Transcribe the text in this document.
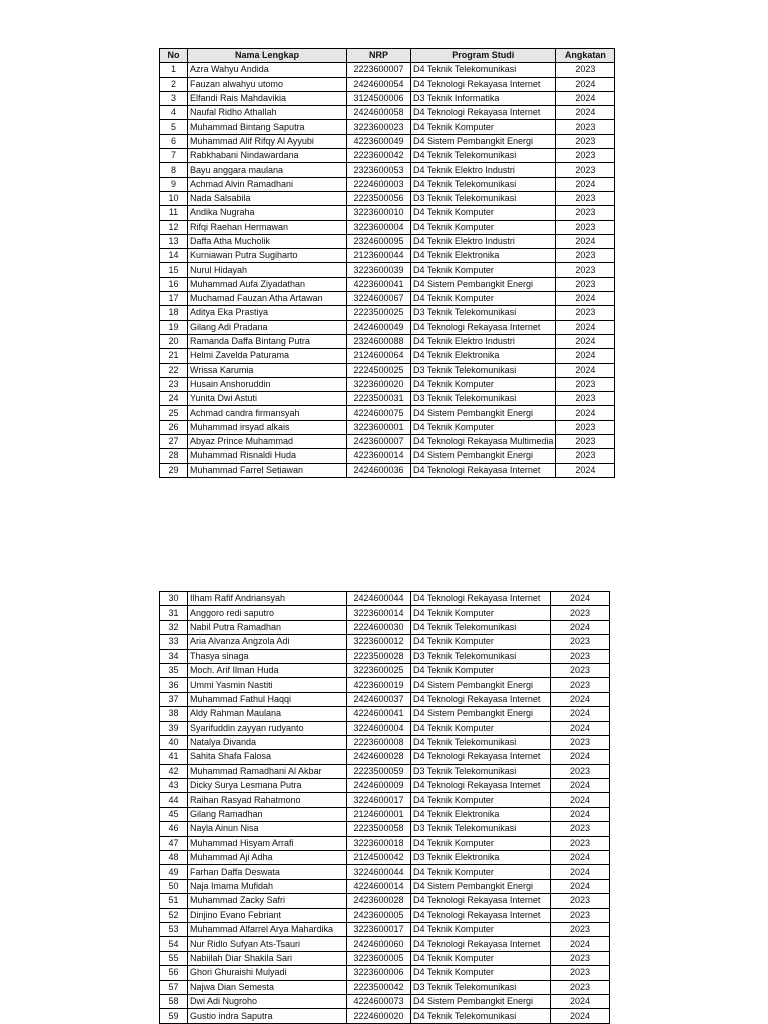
No	Nama Lengkap	NRP	Program Studi	Angkatan
1	Azra Wahyu Andida	2223600007	D4 Teknik Telekomunikasi	2023
2	Fauzan alwahyu utomo	2424600054	D4 Teknologi Rekayasa Internet	2024
3	Elfandi Rais Mahdavikia	3124500006	D3 Teknik Informatika	2024
4	Naufal Ridho Athallah	2424600058	D4 Teknologi Rekayasa Internet	2024
5	Muhammad Bintang Saputra	3223600023	D4 Teknik Komputer	2023
6	Muhammad Alif Rifqy Al Ayyubi	4223600049	D4 Sistem Pembangkit Energi	2023
7	Rabkhabani Nindawardana	2223600042	D4 Teknik Telekomunikasi	2023
8	Bayu anggara maulana	2323600053	D4 Teknik Elektro Industri	2023
9	Achmad Alvin Ramadhani	2224600003	D4 Teknik Telekomunikasi	2024
10	Nada Salsabila	2223500056	D3 Teknik Telekomunikasi	2023
11	Andika Nugraha	3223600010	D4 Teknik Komputer	2023
12	Rifqi Raehan Hermawan	3223600004	D4 Teknik Komputer	2023
13	Daffa Atha Mucholik	2324600095	D4 Teknik Elektro Industri	2024
14	Kurniawan Putra Sugiharto	2123600044	D4 Teknik Elektronika	2023
15	Nurul Hidayah	3223600039	D4 Teknik Komputer	2023
16	Muhammad Aufa Ziyadathan	4223600041	D4 Sistem Pembangkit Energi	2023
17	Muchamad Fauzan Atha Artawan	3224600067	D4 Teknik Komputer	2024
18	Aditya Eka Prastiya	2223500025	D3 Teknik Telekomunikasi	2023
19	Gilang Adi Pradana	2424600049	D4 Teknologi Rekayasa Internet	2024
20	Ramanda Daffa Bintang Putra	2324600088	D4 Teknik Elektro Industri	2024
21	Helmi Zavelda Paturama	2124600064	D4 Teknik Elektronika	2024
22	Wrissa Karumia	2224500025	D3 Teknik Telekomunikasi	2024
23	Husain Anshoruddin	3223600020	D4 Teknik Komputer	2023
24	Yunita Dwi Astuti	2223500031	D3 Teknik Telekomunikasi	2023
25	Achmad candra firmansyah	4224600075	D4 Sistem Pembangkit Energi	2024
26	Muhammad irsyad alkais	3223600001	D4 Teknik Komputer	2023
27	Abyaz Prince Muhammad	2423600007	D4 Teknologi Rekayasa Multimedia	2023
28	Muhammad Risnaldi Huda	4223600014	D4 Sistem Pembangkit Energi	2023
29	Muhammad Farrel Setiawan	2424600036	D4 Teknologi Rekayasa Internet	2024
30	Ilham Rafif Andriansyah	2424600044	D4 Teknologi Rekayasa Internet	2024
31	Anggoro redi saputro	3223600014	D4 Teknik Komputer	2023
32	Nabil Putra Ramadhan	2224600030	D4 Teknik Telekomunikasi	2024
33	Aria Alvanza Angzola Adi	3223600012	D4 Teknik Komputer	2023
34	Thasya sinaga	2223500028	D3 Teknik Telekomunikasi	2023
35	Moch. Arif Ilman Huda	3223600025	D4 Teknik Komputer	2023
36	Ummi Yasmin Nastiti	4223600019	D4 Sistem Pembangkit Energi	2023
37	Muhammad Fathul Haqqi	2424600037	D4 Teknologi Rekayasa Internet	2024
38	Aldy Rahman Maulana	4224600041	D4 Sistem Pembangkit Energi	2024
39	Syarifuddin zayyan rudyanto	3224600004	D4 Teknik Komputer	2024
40	Natalya Divanda	2223600008	D4 Teknik Telekomunikasi	2023
41	Sahita Shafa Falosa	2424600028	D4 Teknologi Rekayasa Internet	2024
42	Muhammad Ramadhani Al Akbar	2223500059	D3 Teknik Telekomunikasi	2023
43	Dicky Surya Lesmana Putra	2424600009	D4 Teknologi Rekayasa Internet	2024
44	Raihan Rasyad Rahatmono	3224600017	D4 Teknik Komputer	2024
45	Gilang Ramadhan	2124600001	D4 Teknik Elektronika	2024
46	Nayla Ainun Nisa	2223500058	D3 Teknik Telekomunikasi	2023
47	Muhammad Hisyam Arrafi	3223600018	D4 Teknik Komputer	2023
48	Muhammad Aji Adha	2124500042	D3 Teknik Elektronika	2024
49	Farhan Daffa Deswata	3224600044	D4 Teknik Komputer	2024
50	Naja Imama Mufidah	4224600014	D4 Sistem Pembangkit Energi	2024
51	Muhammad Zacky Safri	2423600028	D4 Teknologi Rekayasa Internet	2023
52	Dinjino Evano Febriant	2423600005	D4 Teknologi Rekayasa Internet	2023
53	Muhammad Alfarrel Arya Mahardika	3223600017	D4 Teknik Komputer	2023
54	Nur Ridlo Sufyan Ats-Tsauri	2424600060	D4 Teknologi Rekayasa Internet	2024
55	Nabiilah Diar Shakila Sari	3223600005	D4 Teknik Komputer	2023
56	Ghori Ghuraishi Mulyadi	3223600006	D4 Teknik Komputer	2023
57	Najwa Dian Semesta	2223500042	D3 Teknik Telekomunikasi	2023
58	Dwi Adi Nugroho	4224600073	D4 Sistem Pembangkit Energi	2024
59	Gustio indra Saputra	2224600020	D4 Teknik Telekomunikasi	2024
